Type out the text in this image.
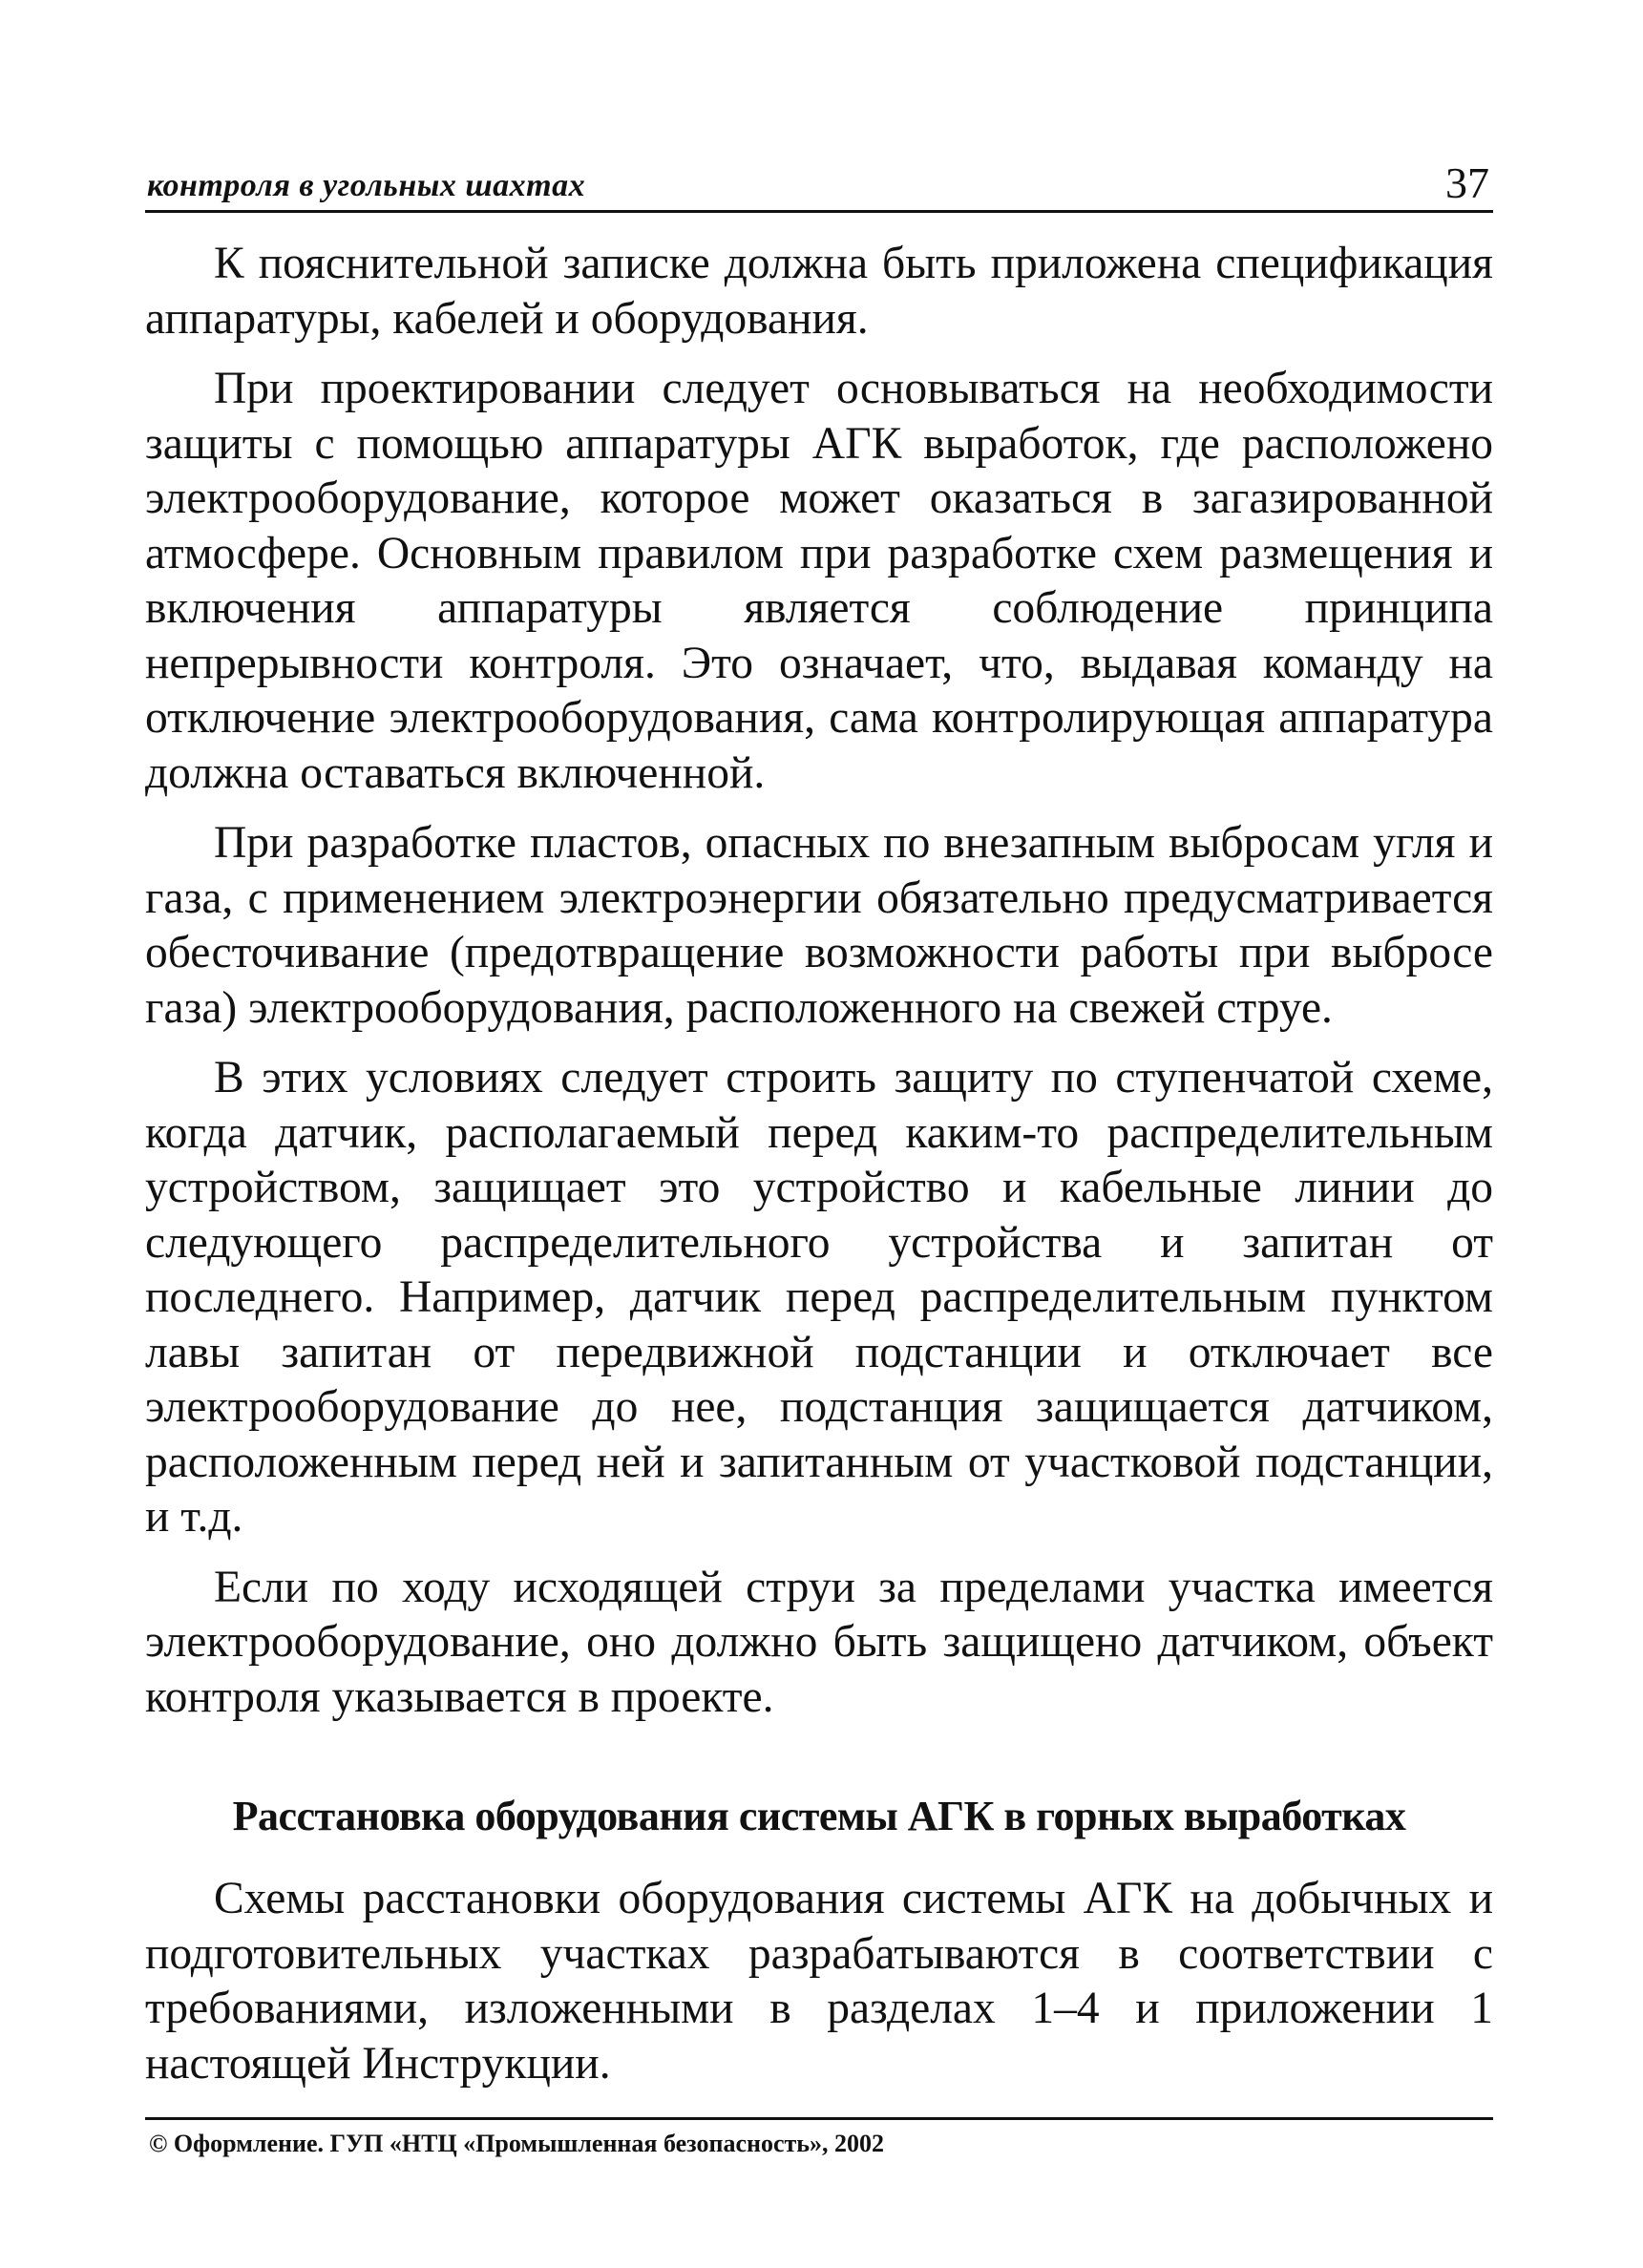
контроля в угольных шахтах	37

К пояснительной записке должна быть приложена спецификация аппаратуры, кабелей и оборудования.

При проектировании следует основываться на необходимости защиты с помощью аппаратуры АГК выработок, где расположено электрооборудование, которое может оказаться в загазированной атмосфере. Основным правилом при разработке схем размещения и включения аппаратуры является соблюдение принципа непрерывности контроля. Это означает, что, выдавая команду на отключение электрооборудования, сама контролирующая аппаратура должна оставаться включенной.

При разработке пластов, опасных по внезапным выбросам угля и газа, с применением электроэнергии обязательно предусматривается обесточивание (предотвращение возможности работы при выбросе газа) электрооборудования, расположенного на свежей струе.

В этих условиях следует строить защиту по ступенчатой схеме, когда датчик, располагаемый перед каким-то распределительным устройством, защищает это устройство и кабельные линии до следующего распределительного устройства и запитан от последнего. Например, датчик перед распределительным пунктом лавы запитан от передвижной подстанции и отключает все электрооборудование до нее, подстанция защищается датчиком, расположенным перед ней и запитанным от участковой подстанции, и т.д.

Если по ходу исходящей струи за пределами участка имеется электрооборудование, оно должно быть защищено датчиком, объект контроля указывается в проекте.

Расстановка оборудования системы АГК в горных выработках

Схемы расстановки оборудования системы АГК на добычных и подготовительных участках разрабатываются в соответствии с требованиями, изложенными в разделах 1–4 и приложении 1 настоящей Инструкции.

© Оформление. ГУП «НТЦ «Промышленная безопасность», 2002
